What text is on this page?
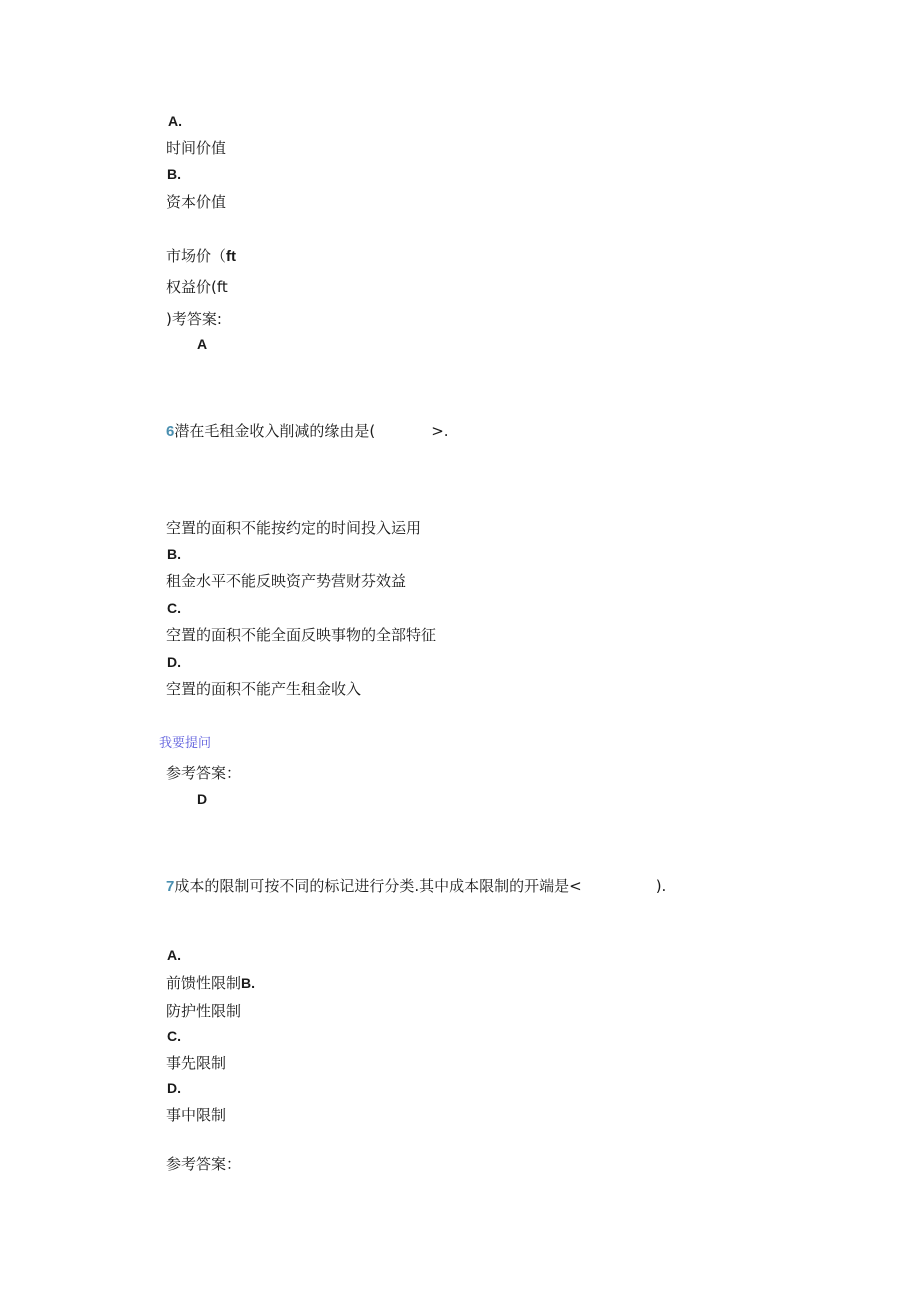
A.
时间价值
B.
资本价值
市场价（ft
权益价(ft
)考答案:
A
6潜在毛租金收入削减的缘由是(	>.
空置的面积不能按约定的时间投入运用
B.
租金水平不能反映资产势营财芬效益
C.
空置的面积不能全面反映事物的全部特征
D.
空置的面积不能产生租金收入
我要提问
参考答案：
D
7成本的限制可按不同的标记进行分类.其中成本限制的开端是<	).
A.
前馈性限制B.
防护性限制
C.
事先限制
D.
事中限制
参考答案：
